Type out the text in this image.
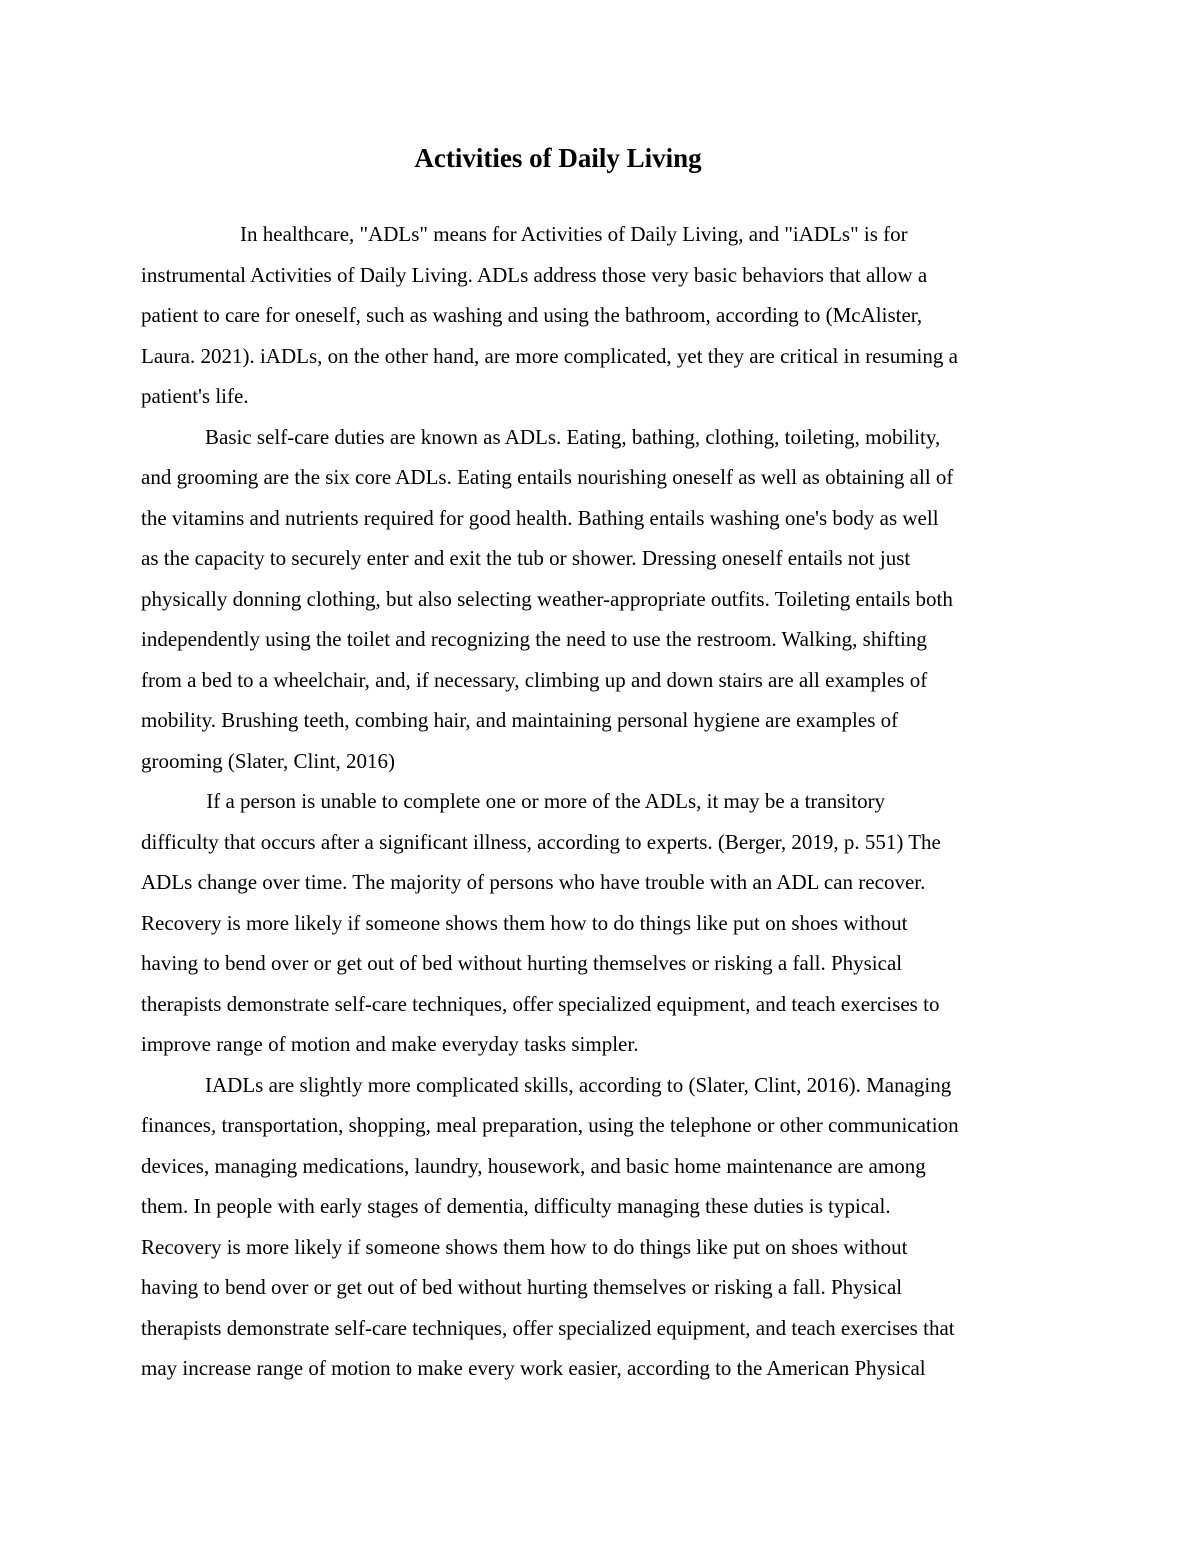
Activities of Daily Living

In healthcare, "ADLs" means for Activities of Daily Living, and "iADLs" is for
instrumental Activities of Daily Living. ADLs address those very basic behaviors that allow a
patient to care for oneself, such as washing and using the bathroom, according to (McAlister,
Laura. 2021). iADLs, on the other hand, are more complicated, yet they are critical in resuming a
patient's life.

Basic self-care duties are known as ADLs. Eating, bathing, clothing, toileting, mobility,
and grooming are the six core ADLs. Eating entails nourishing oneself as well as obtaining all of
the vitamins and nutrients required for good health. Bathing entails washing one's body as well
as the capacity to securely enter and exit the tub or shower. Dressing oneself entails not just
physically donning clothing, but also selecting weather-appropriate outfits. Toileting entails both
independently using the toilet and recognizing the need to use the restroom. Walking, shifting
from a bed to a wheelchair, and, if necessary, climbing up and down stairs are all examples of
mobility. Brushing teeth, combing hair, and maintaining personal hygiene are examples of
grooming (Slater, Clint, 2016)

If a person is unable to complete one or more of the ADLs, it may be a transitory
difficulty that occurs after a significant illness, according to experts. (Berger, 2019, p. 551) The
ADLs change over time. The majority of persons who have trouble with an ADL can recover.
Recovery is more likely if someone shows them how to do things like put on shoes without
having to bend over or get out of bed without hurting themselves or risking a fall. Physical
therapists demonstrate self-care techniques, offer specialized equipment, and teach exercises to
improve range of motion and make everyday tasks simpler.

IADLs are slightly more complicated skills, according to (Slater, Clint, 2016). Managing
finances, transportation, shopping, meal preparation, using the telephone or other communication
devices, managing medications, laundry, housework, and basic home maintenance are among
them. In people with early stages of dementia, difficulty managing these duties is typical.
Recovery is more likely if someone shows them how to do things like put on shoes without
having to bend over or get out of bed without hurting themselves or risking a fall. Physical
therapists demonstrate self-care techniques, offer specialized equipment, and teach exercises that
may increase range of motion to make every work easier, according to the American Physical
